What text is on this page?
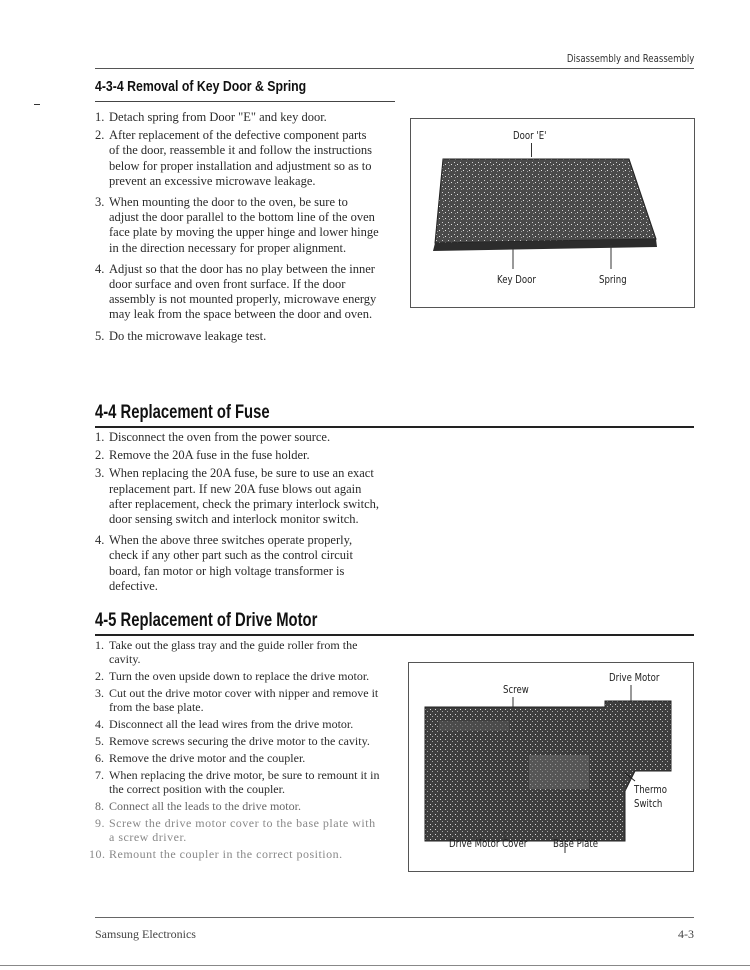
Disassembly and Reassembly
4-3-4 Removal of Key Door & Spring
1. Detach spring from Door "E" and key door.
2. After replacement of the defective component parts of the door, reassemble it and follow the instructions below for proper installation and adjustment so as to prevent an excessive microwave leakage.
3. When mounting the door to the oven, be sure to adjust the door parallel to the bottom line of the oven face plate by moving the upper hinge and lower hinge in the direction necessary for proper alignment.
4. Adjust so that the door has no play between the inner door surface and oven front surface. If the door assembly is not mounted properly, microwave energy may leak from the space between the door and oven.
5. Do the microwave leakage test.
Door 'E'
Key Door	Spring
4-4 Replacement of Fuse
1. Disconnect the oven from the power source.
2. Remove the 20A fuse in the fuse holder.
3. When replacing the 20A fuse, be sure to use an exact replacement part. If new 20A fuse blows out again after replacement, check the primary interlock switch, door sensing switch and interlock monitor switch.
4. When the above three switches operate properly, check if any other part such as the control circuit board, fan motor or high voltage transformer is defective.
4-5 Replacement of Drive Motor
1. Take out the glass tray and the guide roller from the cavity.
2. Turn the oven upside down to replace the drive motor.
3. Cut out the drive motor cover with nipper and remove it from the base plate.
4. Disconnect all the lead wires from the drive motor.
5. Remove screws securing the drive motor to the cavity.
6. Remove the drive motor and the coupler.
7. When replacing the drive motor, be sure to remount it in the correct position with the coupler.
8. Connect all the leads to the drive motor.
9. Screw the drive motor cover to the base plate with a screw driver.
10. Remount the coupler in the correct position.
Drive Motor
Screw
Thermo
Switch
Drive Motor Cover Base Plate
Samsung Electronics	4-3
